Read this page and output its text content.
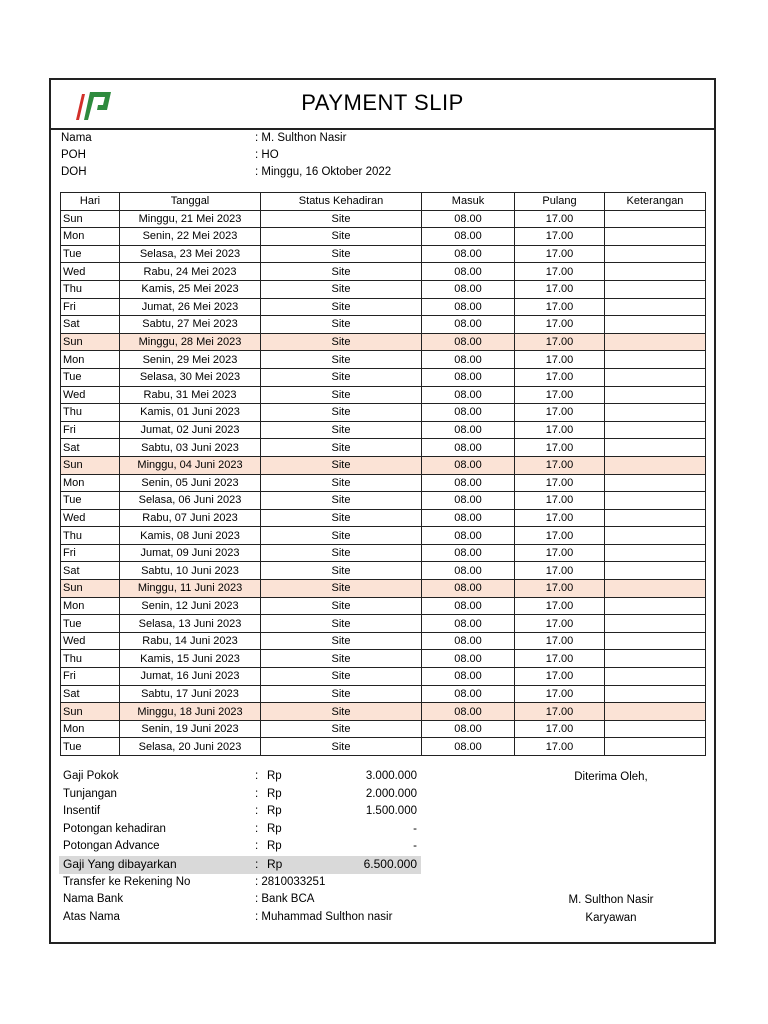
PAYMENT SLIP
Nama	: M. Sulthon Nasir
POH	: HO
DOH	: Minggu, 16 Oktober 2022
Hari	Tanggal	Status Kehadiran	Masuk	Pulang	Keterangan
Sun	Minggu, 21 Mei 2023	Site	08.00	17.00	
Mon	Senin, 22 Mei 2023	Site	08.00	17.00	
Tue	Selasa, 23 Mei 2023	Site	08.00	17.00	
Wed	Rabu, 24 Mei 2023	Site	08.00	17.00	
Thu	Kamis, 25 Mei 2023	Site	08.00	17.00	
Fri	Jumat, 26 Mei 2023	Site	08.00	17.00	
Sat	Sabtu, 27 Mei 2023	Site	08.00	17.00	
Sun	Minggu, 28 Mei 2023	Site	08.00	17.00	
Mon	Senin, 29 Mei 2023	Site	08.00	17.00	
Tue	Selasa, 30 Mei 2023	Site	08.00	17.00	
Wed	Rabu, 31 Mei 2023	Site	08.00	17.00	
Thu	Kamis, 01 Juni 2023	Site	08.00	17.00	
Fri	Jumat, 02 Juni 2023	Site	08.00	17.00	
Sat	Sabtu, 03 Juni 2023	Site	08.00	17.00	
Sun	Minggu, 04 Juni 2023	Site	08.00	17.00	
Mon	Senin, 05 Juni 2023	Site	08.00	17.00	
Tue	Selasa, 06 Juni 2023	Site	08.00	17.00	
Wed	Rabu, 07 Juni 2023	Site	08.00	17.00	
Thu	Kamis, 08 Juni 2023	Site	08.00	17.00	
Fri	Jumat, 09 Juni 2023	Site	08.00	17.00	
Sat	Sabtu, 10 Juni 2023	Site	08.00	17.00	
Sun	Minggu, 11 Juni 2023	Site	08.00	17.00	
Mon	Senin, 12 Juni 2023	Site	08.00	17.00	
Tue	Selasa, 13 Juni 2023	Site	08.00	17.00	
Wed	Rabu, 14 Juni 2023	Site	08.00	17.00	
Thu	Kamis, 15 Juni 2023	Site	08.00	17.00	
Fri	Jumat, 16 Juni 2023	Site	08.00	17.00	
Sat	Sabtu, 17 Juni 2023	Site	08.00	17.00	
Sun	Minggu, 18 Juni 2023	Site	08.00	17.00	
Mon	Senin, 19 Juni 2023	Site	08.00	17.00	
Tue	Selasa, 20 Juni 2023	Site	08.00	17.00	
Gaji Pokok	: Rp	3.000.000
Tunjangan	: Rp	2.000.000
Insentif	: Rp	1.500.000
Potongan kehadiran	: Rp	-
Potongan Advance	: Rp	-
Gaji Yang dibayarkan	: Rp	6.500.000
Transfer ke Rekening No	: 2810033251
Nama Bank	: Bank BCA
Atas Nama	: Muhammad Sulthon nasir
Diterima Oleh,
M. Sulthon Nasir
Karyawan
